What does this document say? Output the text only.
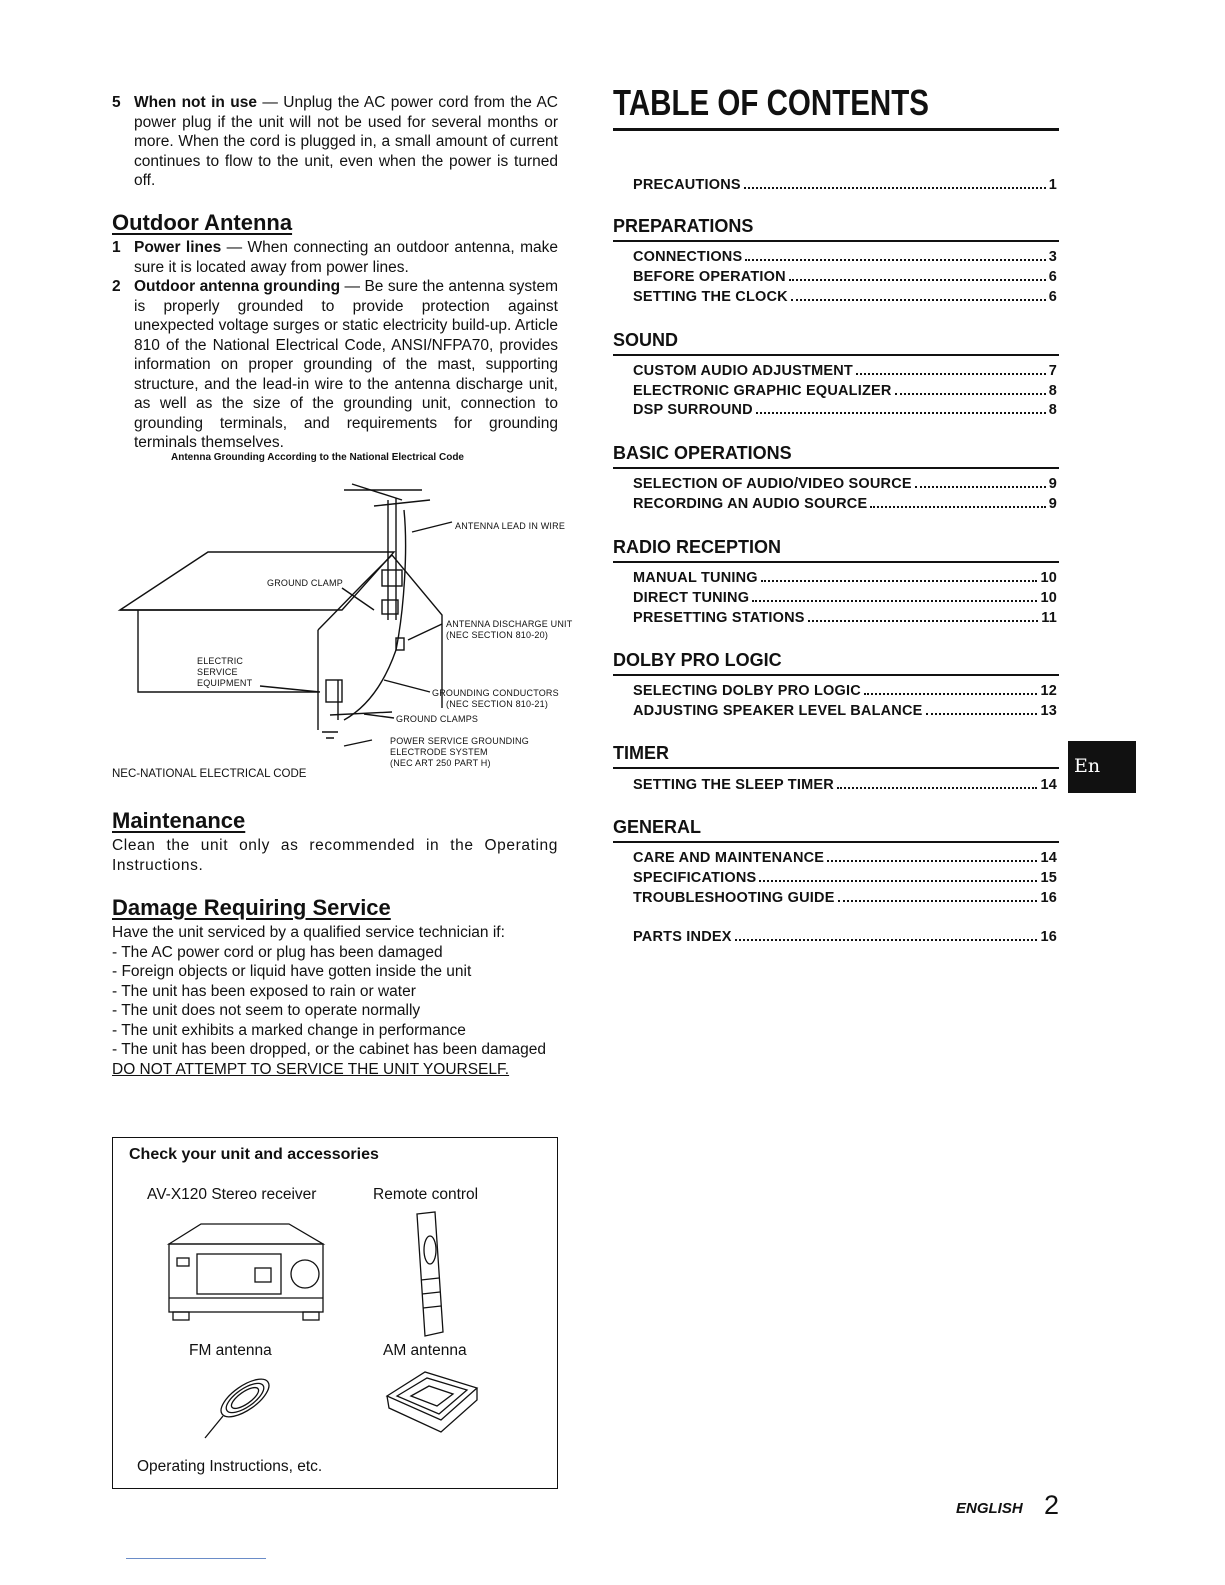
5 When not in use — Unplug the AC power cord from the AC power plug if the unit will not be used for several months or more. When the cord is plugged in, a small amount of current continues to flow to the unit, even when the power is turned off.
Outdoor Antenna
1 Power lines — When connecting an outdoor antenna, make sure it is located away from power lines.
2 Outdoor antenna grounding — Be sure the antenna system is properly grounded to provide protection against unexpected voltage surges or static electricity build-up. Article 810 of the National Electrical Code, ANSI/NFPA70, provides information on proper grounding of the mast, supporting structure, and the lead-in wire to the antenna discharge unit, as well as the size of the grounding unit, connection to grounding terminals, and requirements for grounding terminals themselves.
Antenna Grounding According to the National Electrical Code
ANTENNA LEAD IN WIRE
GROUND CLAMP
ANTENNA DISCHARGE UNIT
(NEC SECTION 810-20)
ELECTRIC
SERVICE
EQUIPMENT
GROUNDING CONDUCTORS
(NEC SECTION 810-21)
GROUND CLAMPS
POWER SERVICE GROUNDING
ELECTRODE SYSTEM
(NEC ART 250 PART H)
NEC-NATIONAL ELECTRICAL CODE
Maintenance
Clean the unit only as recommended in the Operating Instructions.
Damage Requiring Service
Have the unit serviced by a qualified service technician if:
- The AC power cord or plug has been damaged
- Foreign objects or liquid have gotten inside the unit
- The unit has been exposed to rain or water
- The unit does not seem to operate normally
- The unit exhibits a marked change in performance
- The unit has been dropped, or the cabinet has been damaged
DO NOT ATTEMPT TO SERVICE THE UNIT YOURSELF.
Check your unit and accessories
AV-X120 Stereo receiver	Remote control
FM antenna	AM antenna
Operating Instructions, etc.
TABLE OF CONTENTS
PRECAUTIONS	1
PREPARATIONS
CONNECTIONS	3
BEFORE OPERATION	6
SETTING THE CLOCK	6
SOUND
CUSTOM AUDIO ADJUSTMENT	7
ELECTRONIC GRAPHIC EQUALIZER	8
DSP SURROUND	8
BASIC OPERATIONS
SELECTION OF AUDIO/VIDEO SOURCE	9
RECORDING AN AUDIO SOURCE	9
RADIO RECEPTION
MANUAL TUNING	10
DIRECT TUNING	10
PRESETTING STATIONS	11
DOLBY PRO LOGIC
SELECTING DOLBY PRO LOGIC	12
ADJUSTING SPEAKER LEVEL BALANCE	13
TIMER
SETTING THE SLEEP TIMER	14
GENERAL
CARE AND MAINTENANCE	14
SPECIFICATIONS	15
TROUBLESHOOTING GUIDE	16
PARTS INDEX	16
En
ENGLISH 2
